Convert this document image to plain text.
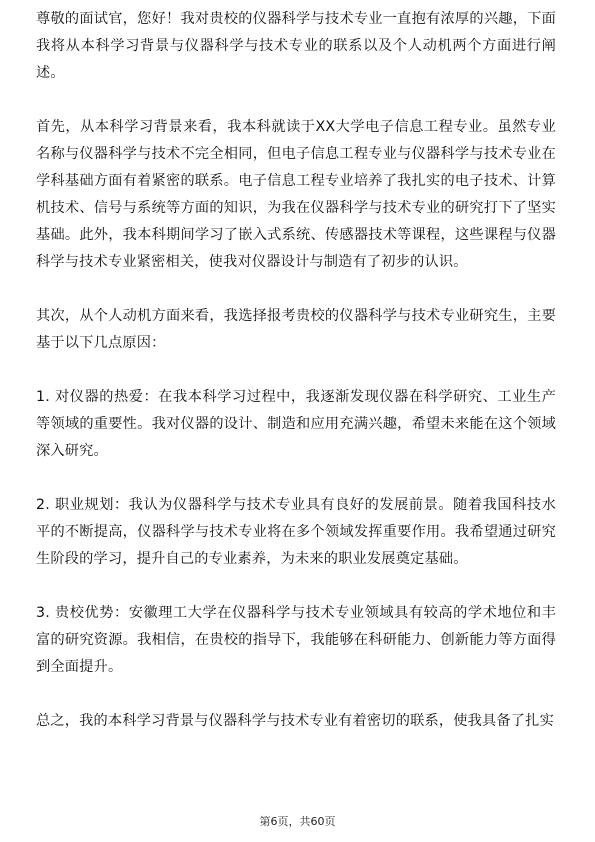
尊敬的面试官，您好！我对贵校的仪器科学与技术专业一直抱有浓厚的兴趣，下面我将从本科学习背景与仪器科学与技术专业的联系以及个人动机两个方面进行阐述。

首先，从本科学习背景来看，我本科就读于XX大学电子信息工程专业。虽然专业名称与仪器科学与技术不完全相同，但电子信息工程专业与仪器科学与技术专业在学科基础方面有着紧密的联系。电子信息工程专业培养了我扎实的电子技术、计算机技术、信号与系统等方面的知识，为我在仪器科学与技术专业的研究打下了坚实基础。此外，我本科期间学习了嵌入式系统、传感器技术等课程，这些课程与仪器科学与技术专业紧密相关，使我对仪器设计与制造有了初步的认识。

其次，从个人动机方面来看，我选择报考贵校的仪器科学与技术专业研究生，主要基于以下几点原因：

1. 对仪器的热爱：在我本科学习过程中，我逐渐发现仪器在科学研究、工业生产等领域的重要性。我对仪器的设计、制造和应用充满兴趣，希望未来能在这个领域深入研究。

2. 职业规划：我认为仪器科学与技术专业具有良好的发展前景。随着我国科技水平的不断提高，仪器科学与技术专业将在多个领域发挥重要作用。我希望通过研究生阶段的学习，提升自己的专业素养，为未来的职业发展奠定基础。

3. 贵校优势：安徽理工大学在仪器科学与技术专业领域具有较高的学术地位和丰富的研究资源。我相信，在贵校的指导下，我能够在科研能力、创新能力等方面得到全面提升。

总之，我的本科学习背景与仪器科学与技术专业有着密切的联系，使我具备了扎实

第6页，共60页
